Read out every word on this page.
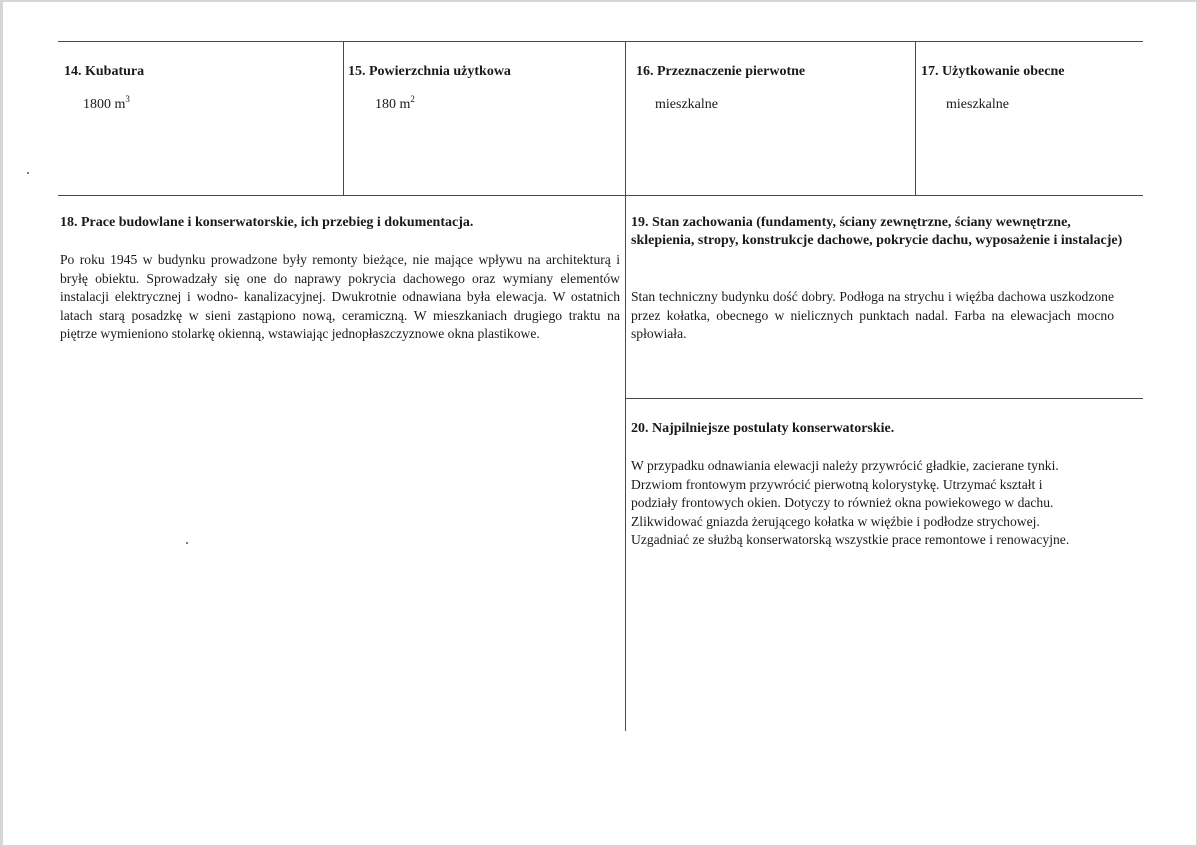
14. Kubatura
1800 $m^3$
15. Powierzchnia użytkowa
180 $m^2$
16. Przeznaczenie pierwotne
mieszkalne
17. Użytkowanie obecne
mieszkalne
18. Prace budowlane i konserwatorskie, ich przebieg i dokumentacja.

Po roku 1945 w budynku prowadzone były remonty bieżące, nie mające wpływu na architekturą i bryłę obiektu. Sprowadzały się one do naprawy pokrycia dachowego oraz wymiany elementów instalacji elektrycznej i wodno- kanalizacyjnej. Dwukrotnie odnawiana była elewacja. W ostatnich latach starą posadzkę w sieni zastąpiono nową, ceramiczną. W mieszkaniach drugiego traktu na piętrze wymieniono stolarkę okienną, wstawiając jednopłaszczyznowe okna plastikowe.

19. Stan zachowania (fundamenty, ściany zewnętrzne, ściany wewnętrzne, sklepienia, stropy, konstrukcje dachowe, pokrycie dachu, wyposażenie i instalacje)

Stan techniczny budynku dość dobry. Podłoga na strychu i więźba dachowa uszkodzone przez kołatka, obecnego w nielicznych punktach nadal. Farba na elewacjach mocno spłowiała.

20. Najpilniejsze postulaty konserwatorskie.
W przypadku odnawiania elewacji należy przywrócić gładkie, zacierane tynki.
Drzwiom frontowym przywrócić pierwotną kolorystykę. Utrzymać kształt i
podziały frontowych okien. Dotyczy to również okna powiekowego w dachu.
Zlikwidować gniazda żerującego kołatka w więźbie i podłodze strychowej.
Uzgadniać ze służbą konserwatorską wszystkie prace remontowe i renowacyjne.
